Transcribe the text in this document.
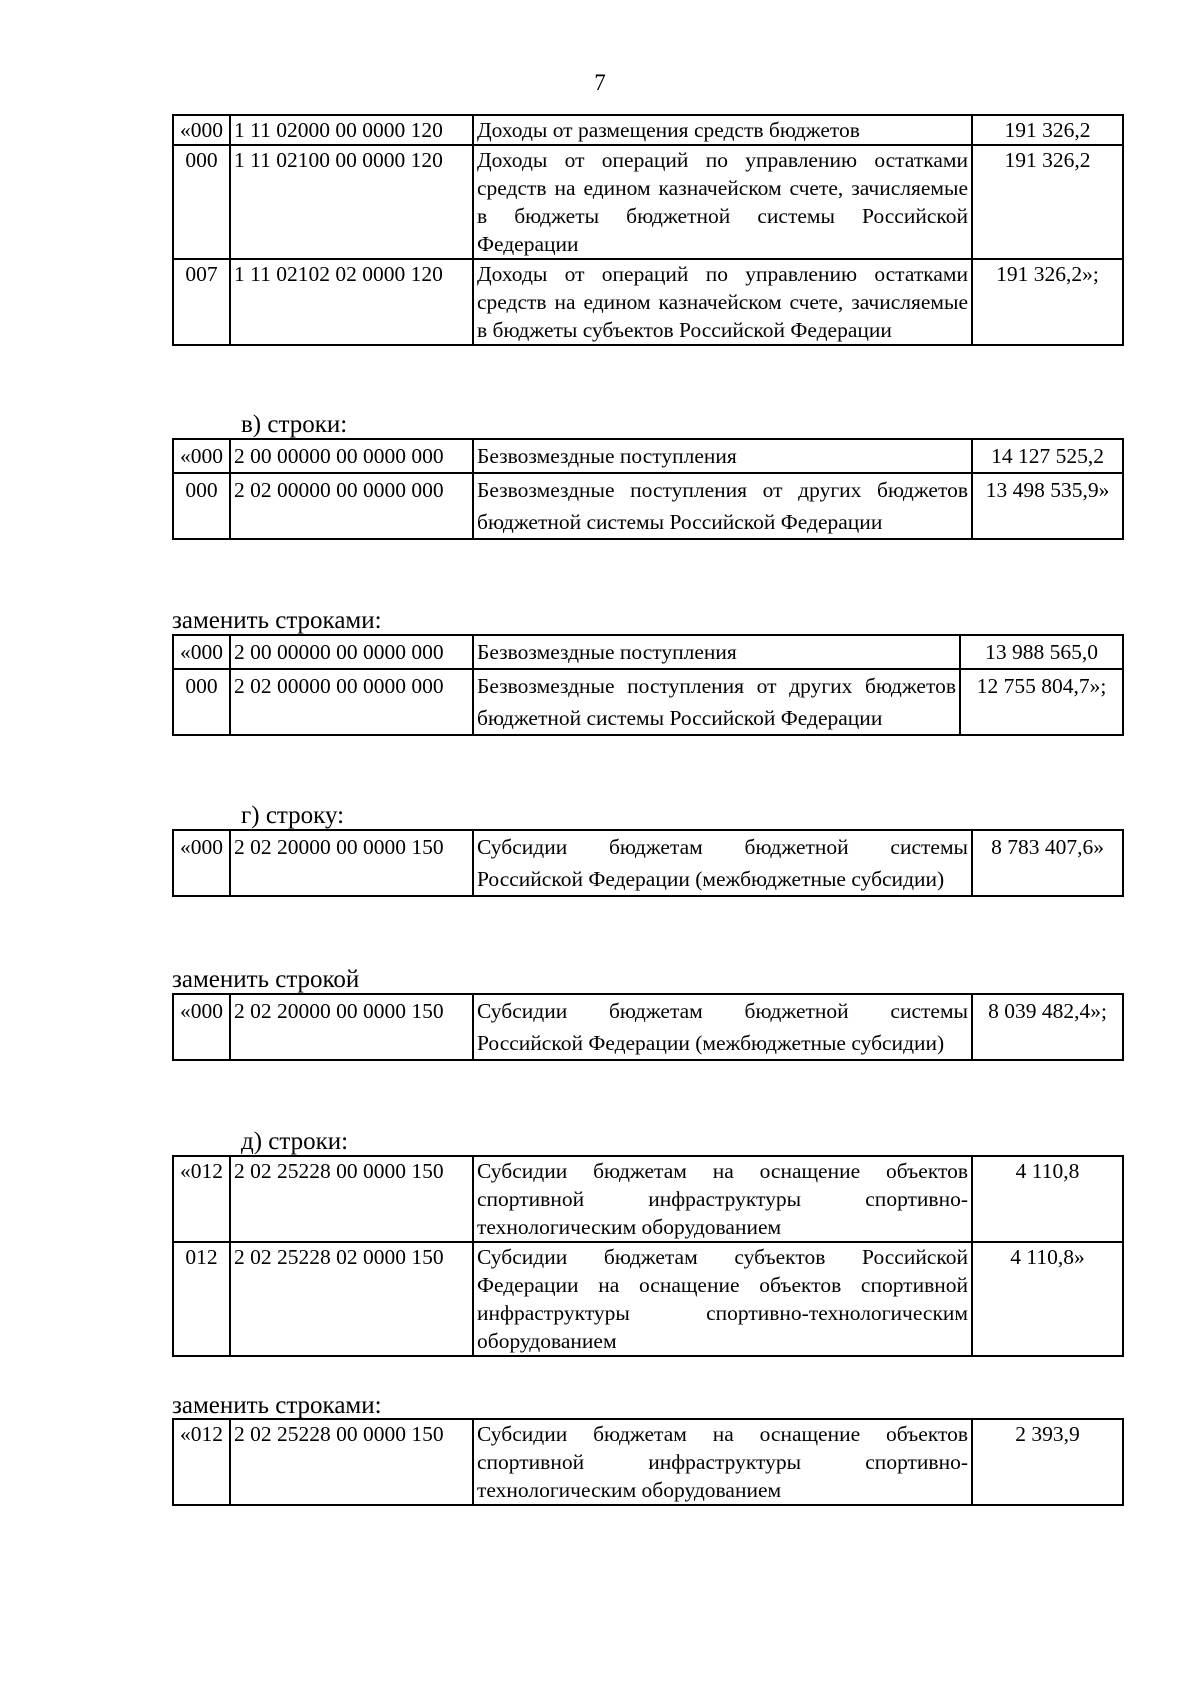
7
«000	1 11 02000 00 0000 120	Доходы от размещения средств бюджетов	191 326,2
000	1 11 02100 00 0000 120	Доходы от операций по управлению остатками средств на едином казначейском счете, зачисляемые в бюджеты бюджетной системы Российской Федерации	191 326,2
007	1 11 02102 02 0000 120	Доходы от операций по управлению остатками средств на едином казначейском счете, зачисляемые в бюджеты субъектов Российской Федерации	191 326,2»;
в) строки:
«000	2 00 00000 00 0000 000	Безвозмездные поступления	14 127 525,2
000	2 02 00000 00 0000 000	Безвозмездные поступления от других бюджетов бюджетной системы Российской Федерации	13 498 535,9»
заменить строками:
«000	2 00 00000 00 0000 000	Безвозмездные поступления	13 988 565,0
000	2 02 00000 00 0000 000	Безвозмездные поступления от других бюджетов бюджетной системы Российской Федерации	12 755 804,7»;
г) строку:
«000	2 02 20000 00 0000 150	Субсидии бюджетам бюджетной системы Российской Федерации (межбюджетные субсидии)	8 783 407,6»
заменить строкой
«000	2 02 20000 00 0000 150	Субсидии бюджетам бюджетной системы Российской Федерации (межбюджетные субсидии)	8 039 482,4»;
д) строки:
«012	2 02 25228 00 0000 150	Субсидии бюджетам на оснащение объектов спортивной инфраструктуры спортивно-технологическим оборудованием	4 110,8
012	2 02 25228 02 0000 150	Субсидии бюджетам субъектов Российской Федерации на оснащение объектов спортивной инфраструктуры спортивно-технологическим оборудованием	4 110,8»
заменить строками:
«012	2 02 25228 00 0000 150	Субсидии бюджетам на оснащение объектов спортивной инфраструктуры спортивно-технологическим оборудованием	2 393,9
